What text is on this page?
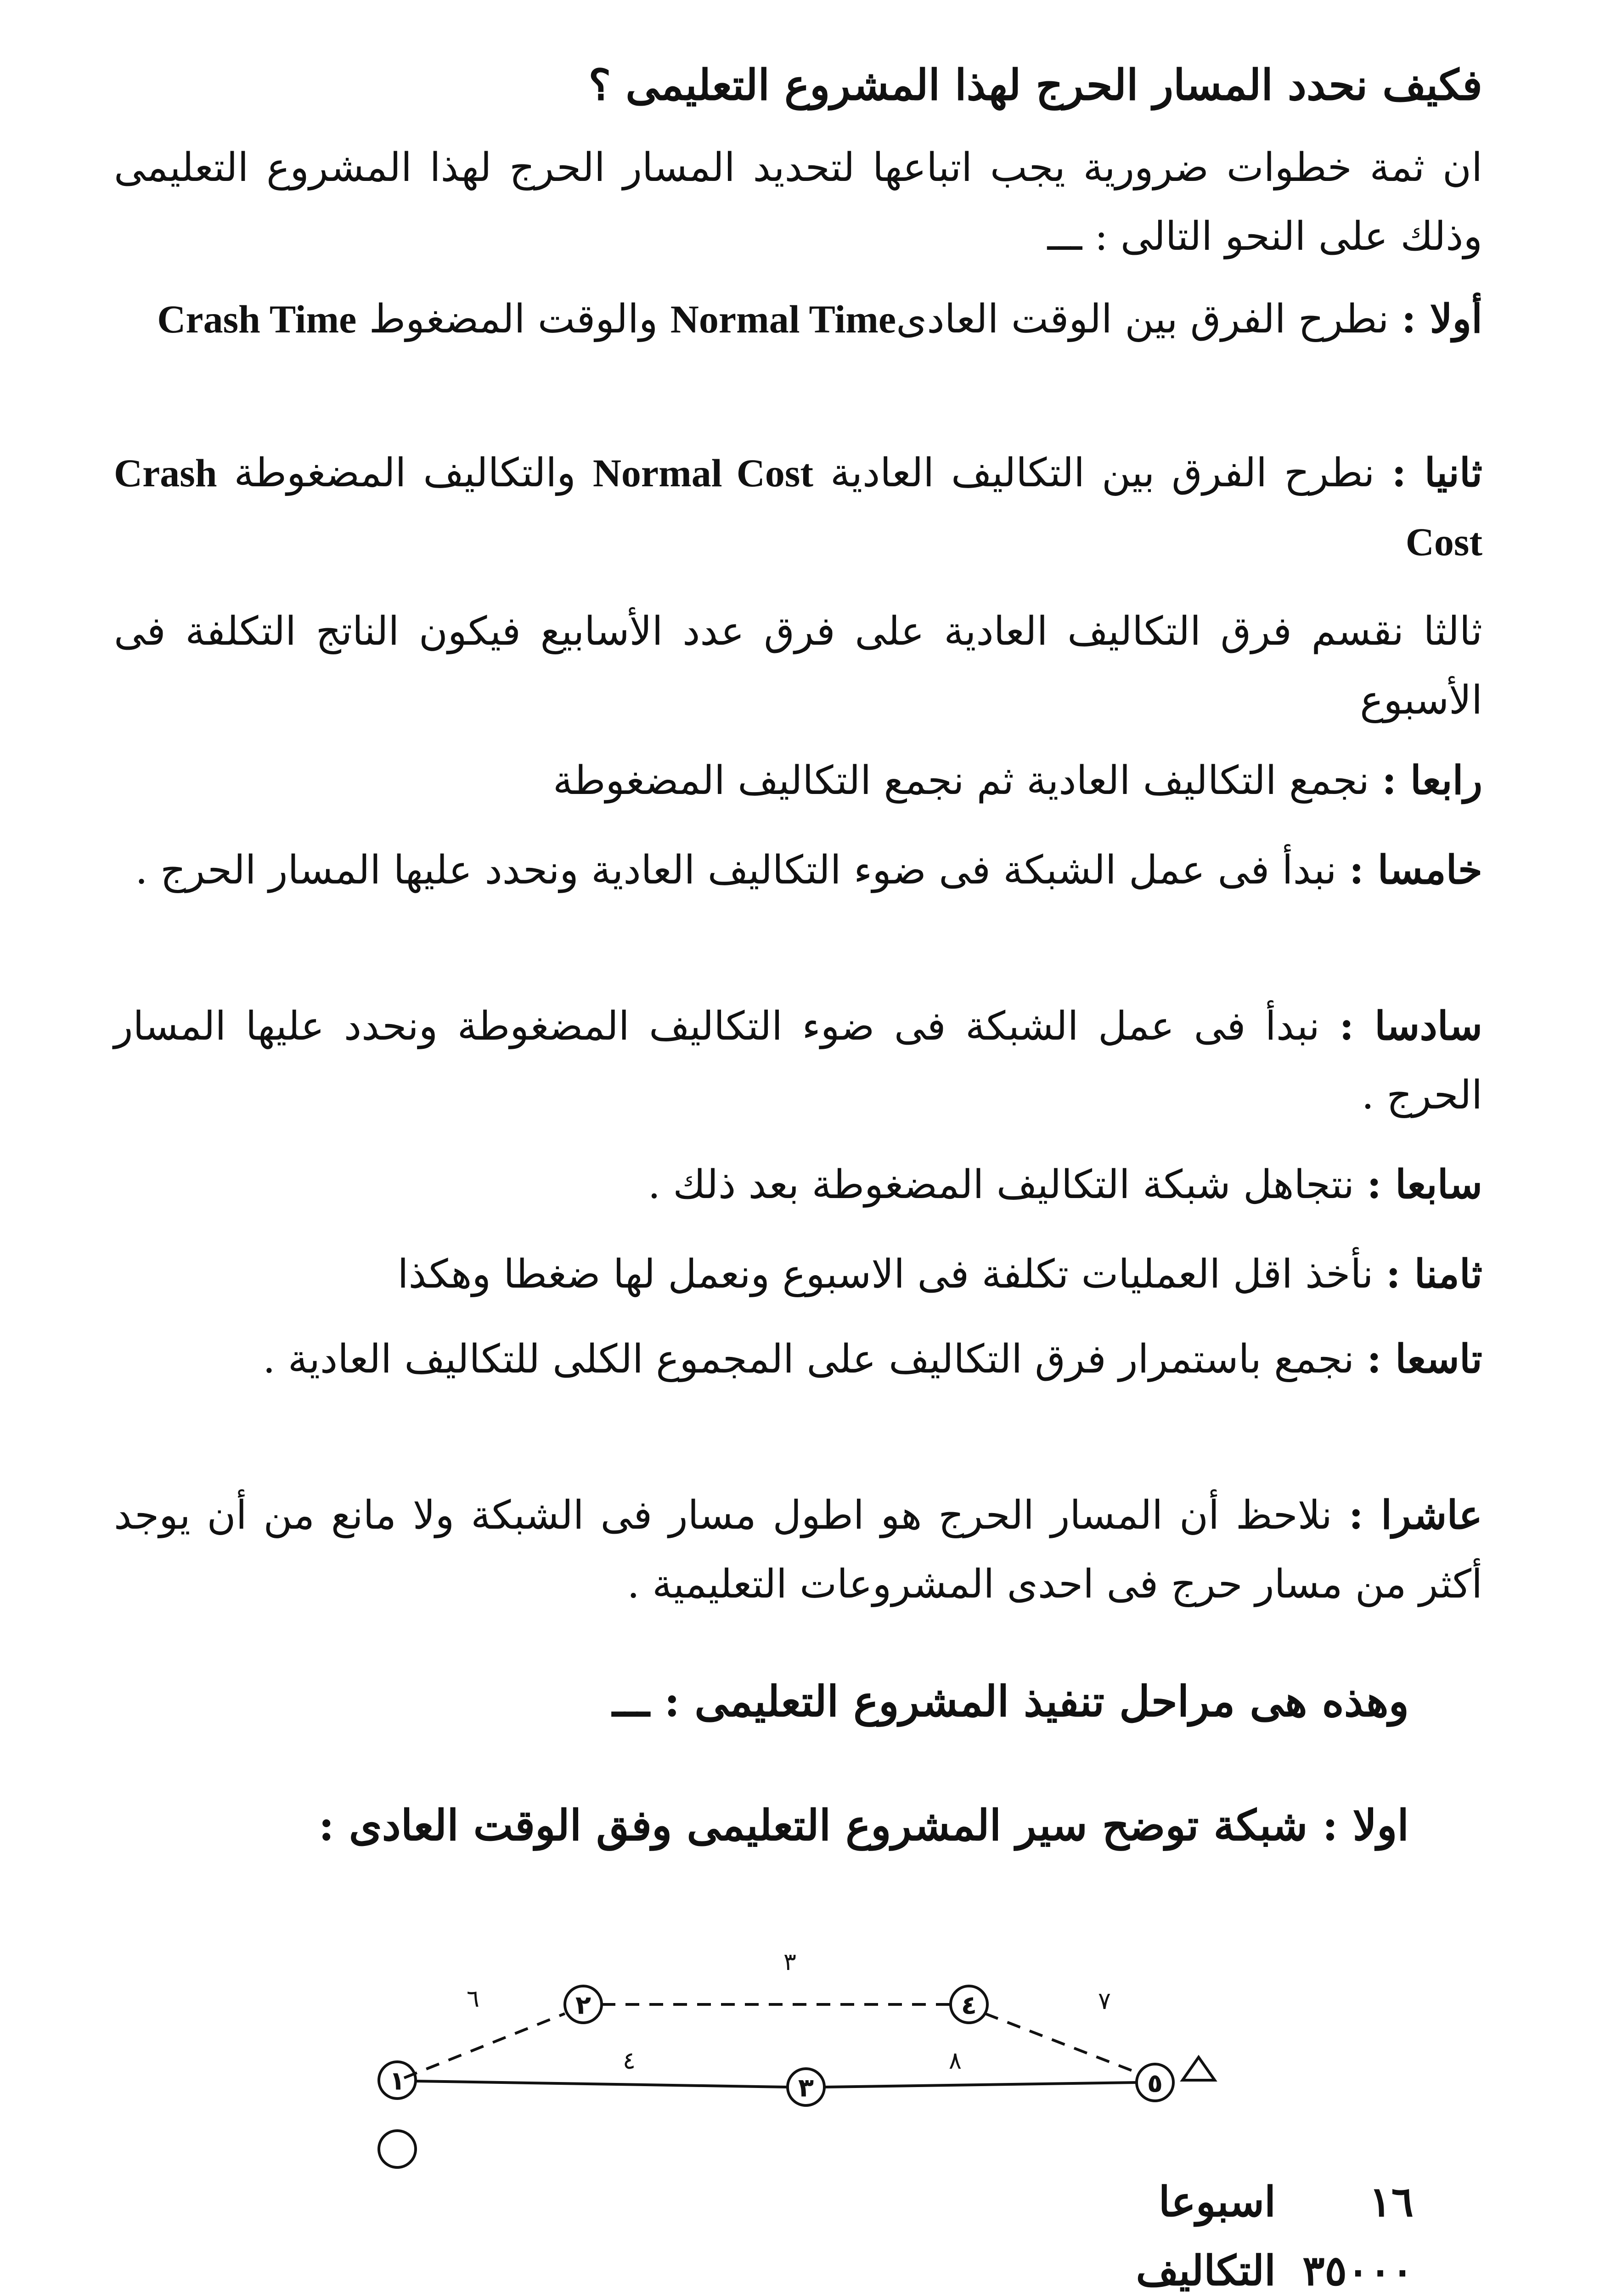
فكيف نحدد المسار الحرج لهذا المشروع التعليمى ؟
ان ثمة خطوات ضرورية يجب اتباعها لتحديد المسار الحرج لهذا المشروع التعليمى وذلك على النحو التالى : ـــ
أولا : نطرح الفرق بين الوقت العادىNormal Time والوقت المضغوط Crash Time
ثانيا : نطرح الفرق بين التكاليف العادية Normal Cost والتكاليف المضغوطة Crash Cost
ثالثا نقسم فرق التكاليف العادية على فرق عدد الأسابيع فيكون الناتج التكلفة فى الأسبوع
رابعا : نجمع التكاليف العادية ثم نجمع التكاليف المضغوطة
خامسا : نبدأ فى عمل الشبكة فى ضوء التكاليف العادية ونحدد عليها المسار الحرج .
سادسا : نبدأ فى عمل الشبكة فى ضوء التكاليف المضغوطة ونحدد عليها المسار الحرج .
سابعا : نتجاهل شبكة التكاليف المضغوطة بعد ذلك .
ثامنا : نأخذ اقل العمليات تكلفة فى الاسبوع ونعمل لها ضغطا وهكذا
تاسعا : نجمع باستمرار فرق التكاليف على المجموع الكلى للتكاليف العادية .
عاشرا : نلاحظ أن المسار الحرج هو اطول مسار فى الشبكة ولا مانع من أن يوجد أكثر من مسار حرج فى احدى المشروعات التعليمية .
وهذه هى مراحل تنفيذ المشروع التعليمى : ـــ
اولا : شبكة توضح سير المشروع التعليمى وفق الوقت العادى :
١
٢
٣
٤
٥
٦
٣
٧
٤	٨
١٦اسبوعا
٣٥٠٠٠التكاليف
